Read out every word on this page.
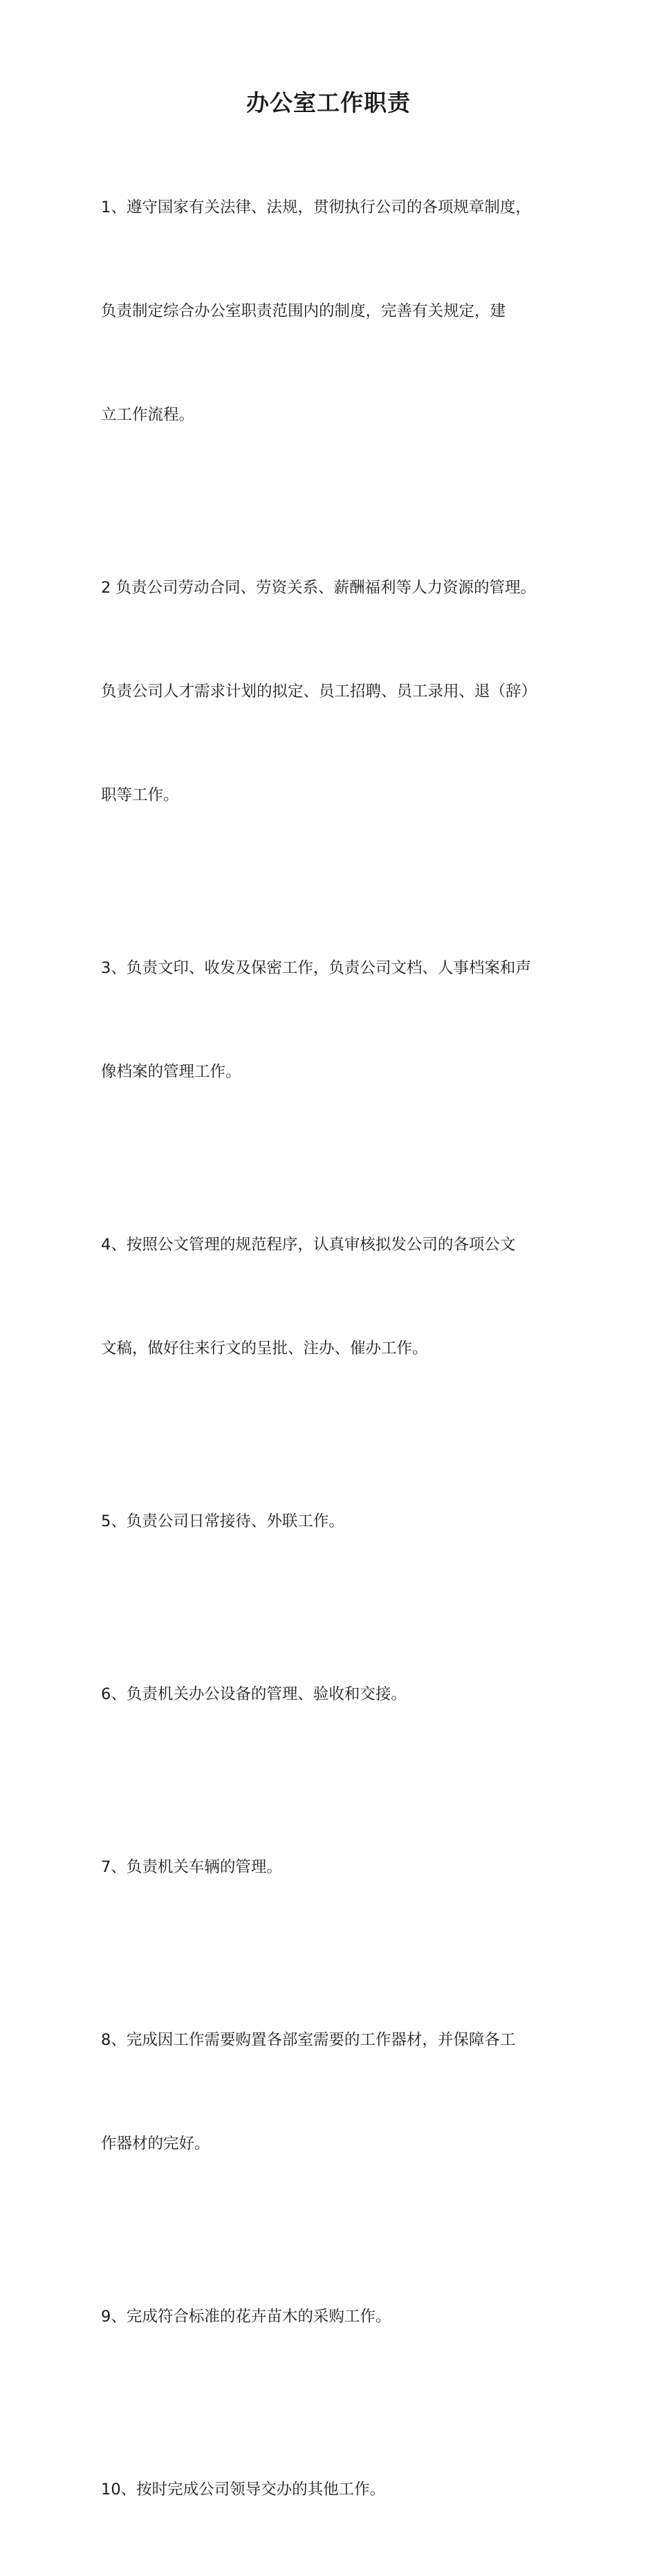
办公室工作职责

1、遵守国家有关法律、法规，贯彻执行公司的各项规章制度，

负责制定综合办公室职责范围内的制度，完善有关规定，建

立工作流程。

2 负责公司劳动合同、劳资关系、薪酬福利等人力资源的管理。

负责公司人才需求计划的拟定、员工招聘、员工录用、退（辞）

职等工作。

3、负责文印、收发及保密工作，负责公司文档、人事档案和声

像档案的管理工作。

4、按照公文管理的规范程序，认真审核拟发公司的各项公文

文稿，做好往来行文的呈批、注办、催办工作。

5、负责公司日常接待、外联工作。

6、负责机关办公设备的管理、验收和交接。

7、负责机关车辆的管理。

8、完成因工作需要购置各部室需要的工作器材，并保障各工

作器材的完好。

9、完成符合标准的花卉苗木的采购工作。

10、按时完成公司领导交办的其他工作。
